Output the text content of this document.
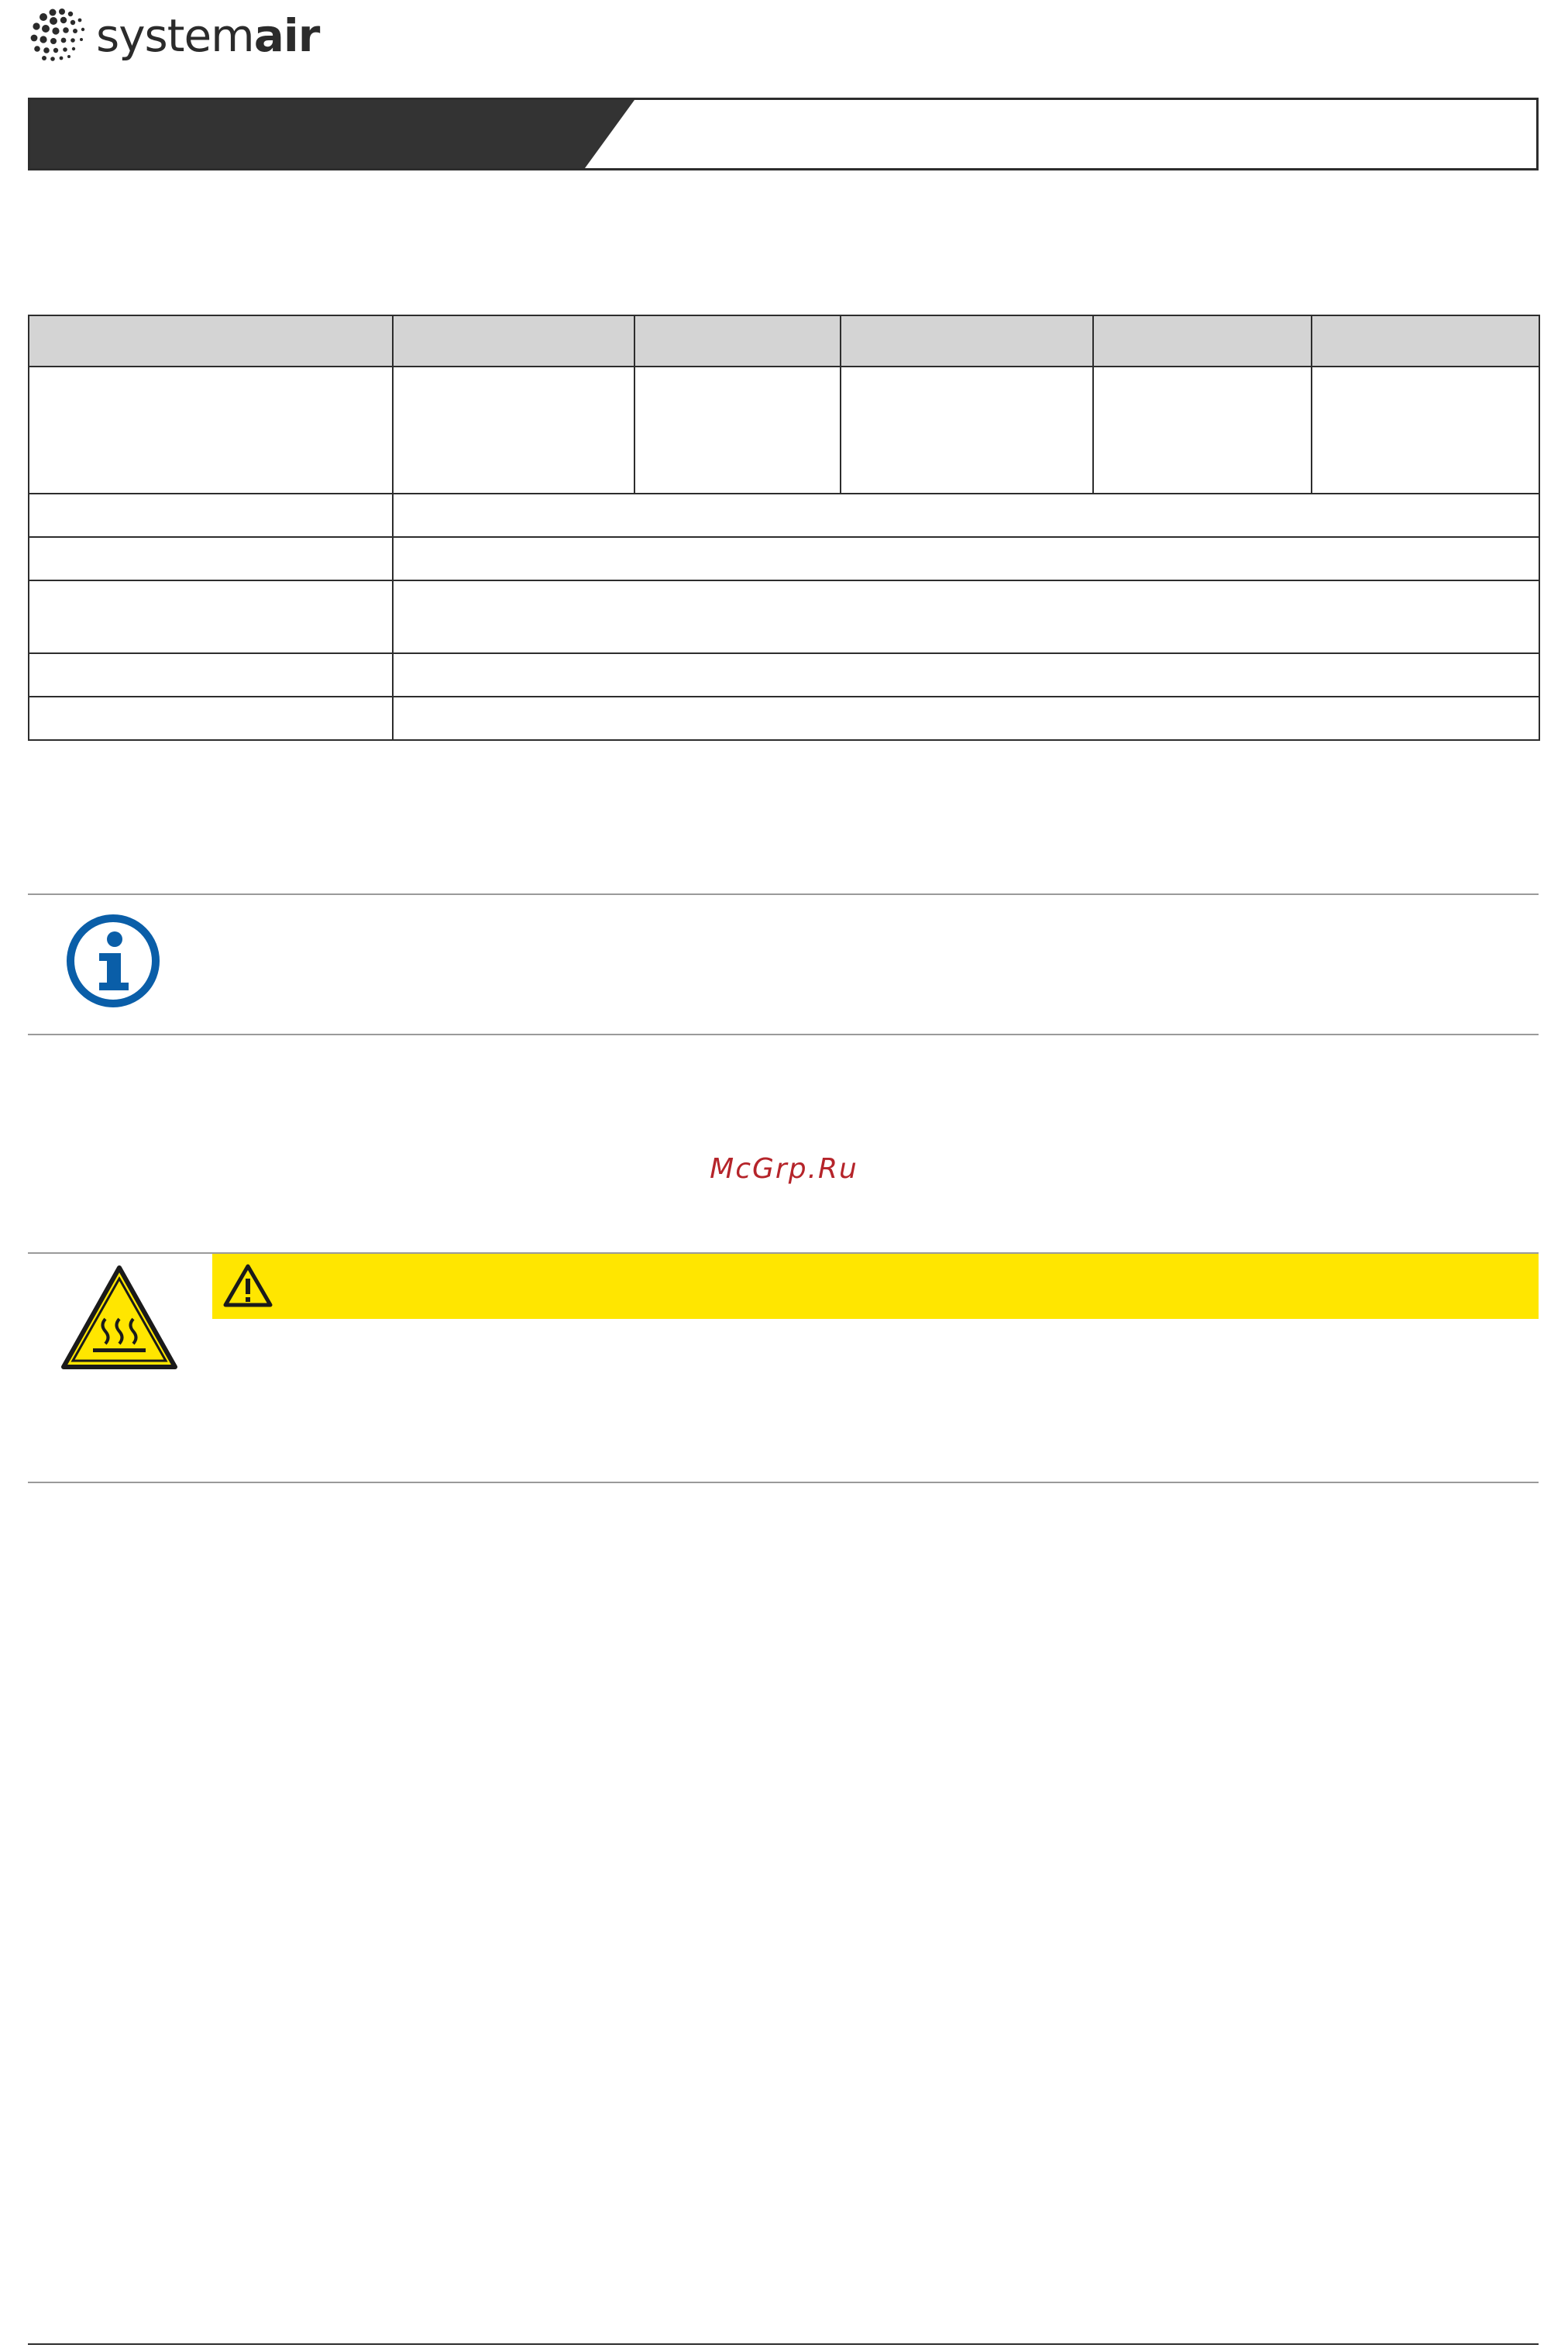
systemair

McGrp.Ru
